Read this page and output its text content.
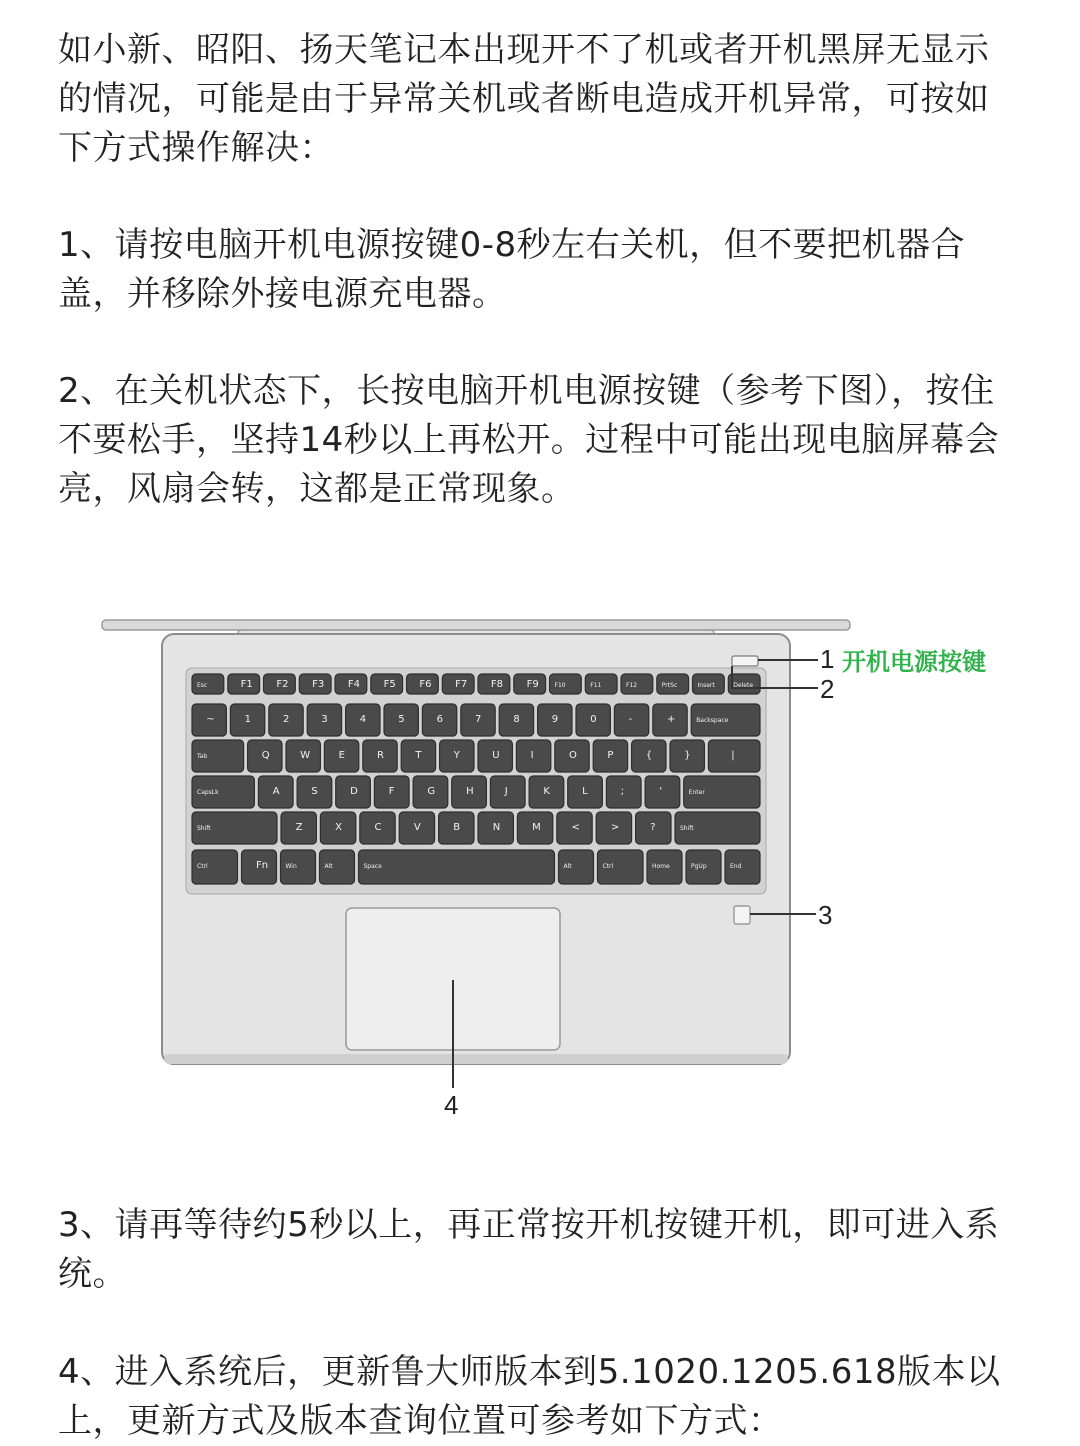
如小新、昭阳、扬天笔记本出现开不了机或者开机黑屏无显示的情况，可能是由于异常关机或者断电造成开机异常，可按如下方式操作解决：

1、请按电脑开机电源按键0-8秒左右关机，但不要把机器合盖，并移除外接电源充电器。

2、在关机状态下，长按电脑开机电源按键（参考下图），按住不要松手，坚持14秒以上再松开。过程中可能出现电脑屏幕会亮，风扇会转，这都是正常现象。

Esc	F1 F2 F3 F4 F5 F6 F7 F8 F9	F10	F11	F12	PrtSc	Insert	Delete
~	1	2	3	4	5	6	7	8	9	0	-	+	Backspace
Tab	Q	W	E	R	T	Y	U	I	O	P	{	}	|
CapsLk	A	S	D	F	G	H	J	K	L	;	'	Enter
Shift	Z	X	C	V	B	N	M	<	>	?	Shift
Ctrl	Fn	Win	Alt	Space	Alt	Ctrl	Home	PgUp	End
1 开机电源按键
2
3
4

3、请再等待约5秒以上，再正常按开机按键开机，即可进入系统。

4、进入系统后，更新鲁大师版本到5.1020.1205.618版本以上，更新方式及版本查询位置可参考如下方式：
